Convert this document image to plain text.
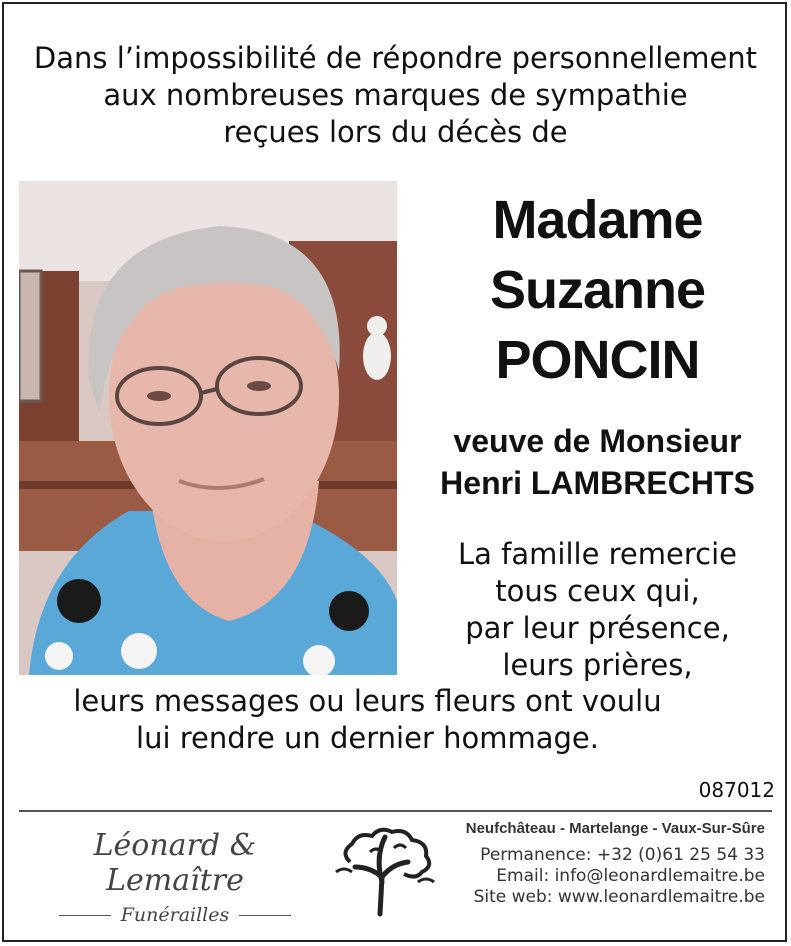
Dans l’impossibilité de répondre personnellement
aux nombreuses marques de sympathie
reçues lors du décès de
Madame
Suzanne
PONCIN
veuve de Monsieur
Henri LAMBRECHTS
La famille remercie
tous ceux qui,
par leur présence,
leurs prières,
leurs messages ou leurs fleurs ont voulu
lui rendre un dernier hommage.
087012
Léonard & Lemaître
Funérailles
Neufchâteau - Martelange - Vaux-Sur-Sûre
Permanence: +32 (0)61 25 54 33
Email: info@leonardlemaitre.be
Site web: www.leonardlemaitre.be
